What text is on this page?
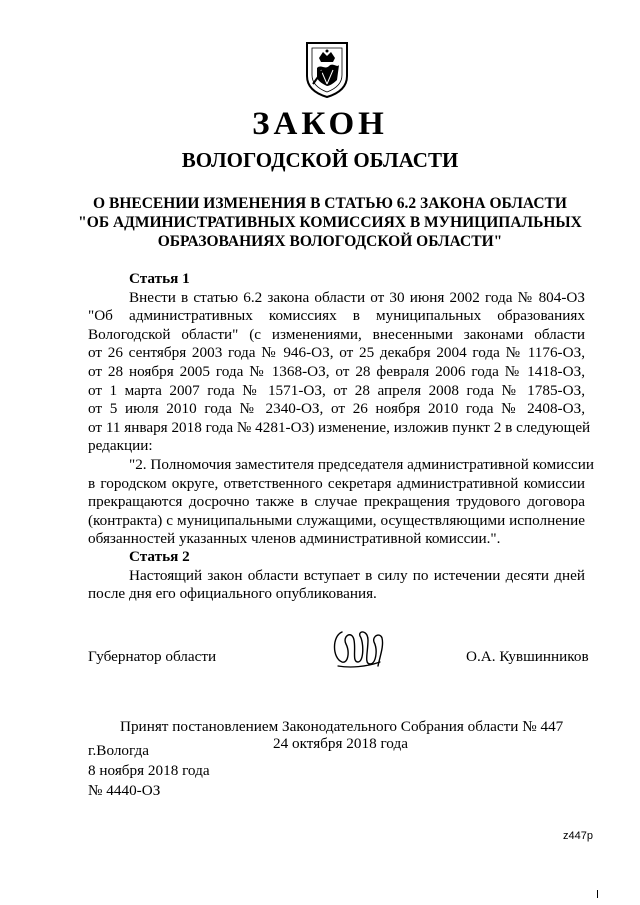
ЗАКОН
ВОЛОГОДСКОЙ ОБЛАСТИ
О ВНЕСЕНИИ ИЗМЕНЕНИЯ В СТАТЬЮ 6.2 ЗАКОНА ОБЛАСТИ
"ОБ АДМИНИСТРАТИВНЫХ КОМИССИЯХ В МУНИЦИПАЛЬНЫХ
ОБРАЗОВАНИЯХ ВОЛОГОДСКОЙ ОБЛАСТИ"

Статья 1

Внести в статью 6.2 закона области от 30 июня 2002 года № 804-ОЗ
"Об административных комиссиях в муниципальных образованиях
Вологодской области" (с изменениями, внесенными законами области
от 26 сентября 2003 года № 946-ОЗ, от 25 декабря 2004 года № 1176-ОЗ,
от 28 ноября 2005 года № 1368-ОЗ, от 28 февраля 2006 года № 1418-ОЗ,
от 1 марта 2007 года № 1571-ОЗ, от 28 апреля 2008 года № 1785-ОЗ,
от 5 июля 2010 года № 2340-ОЗ, от 26 ноября 2010 года № 2408-ОЗ,
от 11 января 2018 года № 4281-ОЗ) изменение, изложив пункт 2 в следующей
редакции:
"2. Полномочия заместителя председателя административной комиссии
в городском округе, ответственного секретаря административной комиссии
прекращаются досрочно также в случае прекращения трудового договора
(контракта) с муниципальными служащими, осуществляющими исполнение
обязанностей указанных членов административной комиссии.".

Статья 2

Настоящий закон области вступает в силу по истечении десяти дней
после дня его официального опубликования.
Губернатор области	О.А. Кувшинников
Принят постановлением Законодательного Собрания области № 447
24 октября 2018 года
г.Вологда
8 ноября 2018 года
№ 4440-ОЗ
z447p
